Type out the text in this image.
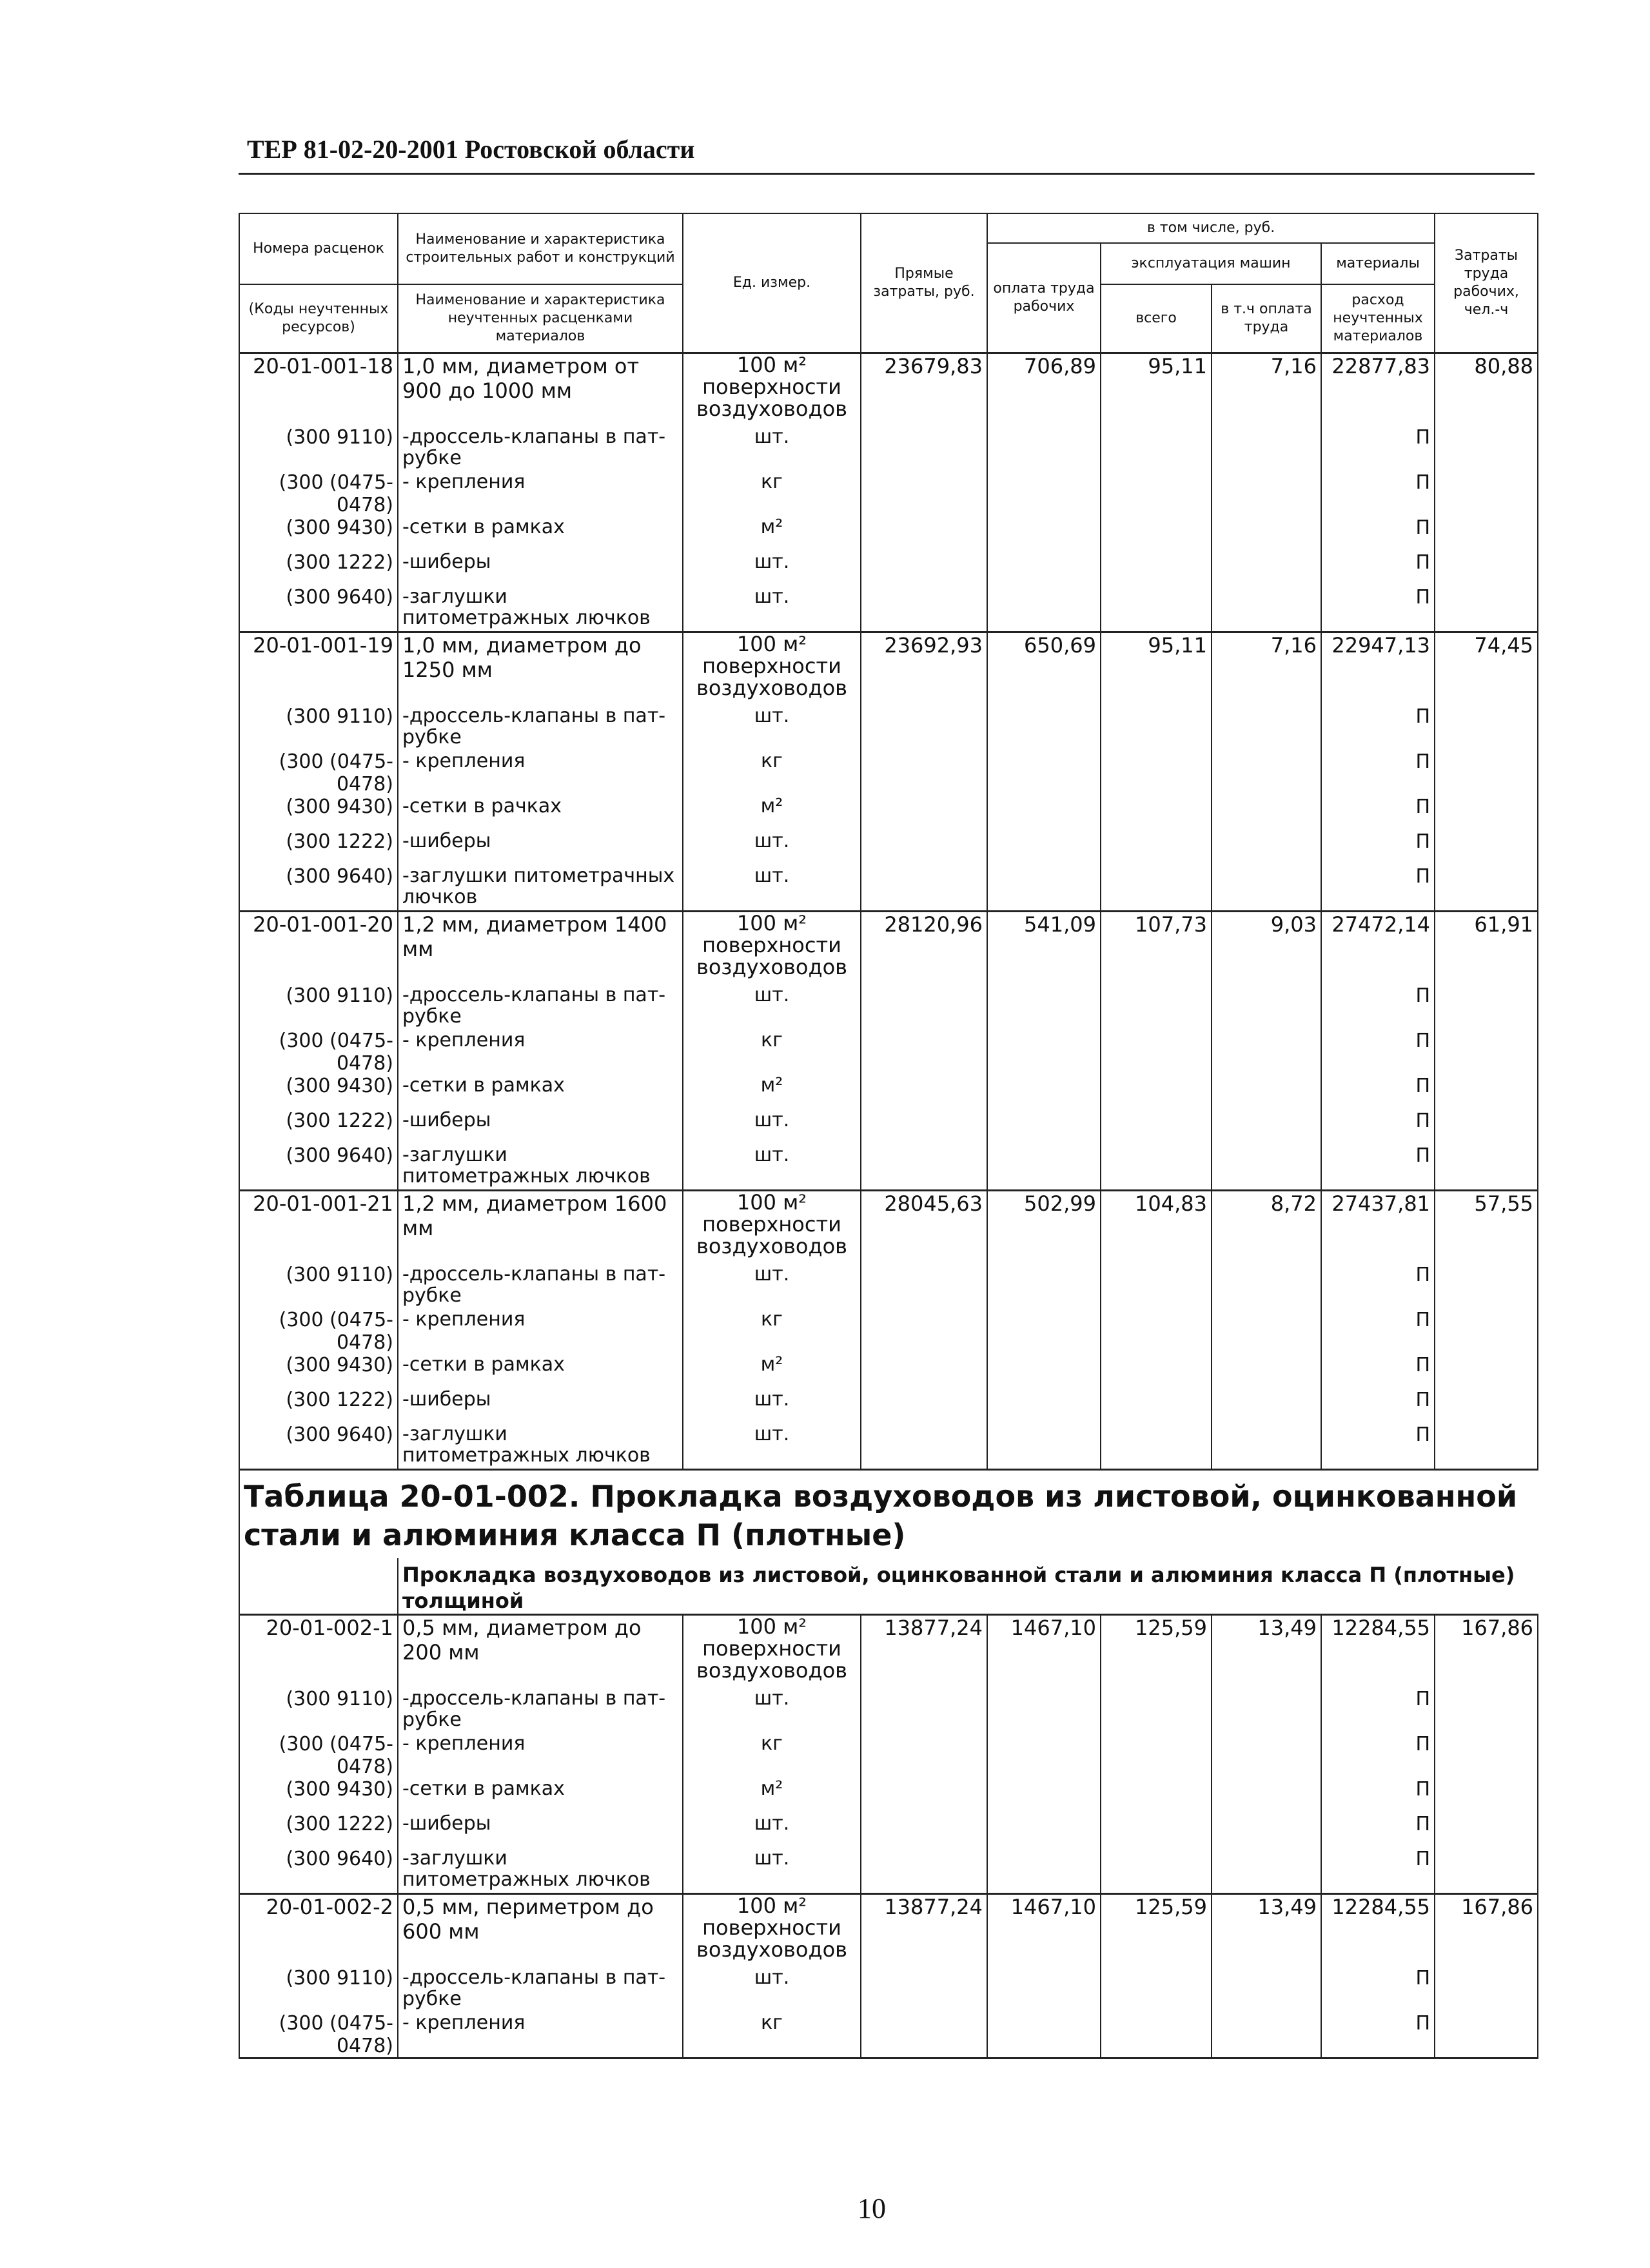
ТЕР 81-02-20-2001 Ростовской области
Номера расценок	Наименование и характеристика строительных работ и конструкций	Ед. измер.	Прямые затраты, руб.	в том числе, руб.				Затраты труда рабочих, чел.-ч
				оплата труда рабочих	эксплуатация машин		материалы	
(Коды неучтенных ресурсов)	Наименование и характеристика неучтенных расценками материалов				всего	в т.ч оплата труда	расход неучтенных материалов	

20-01-001-18	1,0 мм, диаметром от 900 до 1000 мм	100 м² поверхности воздуховодов	23679,83	706,89	95,11	7,16	22877,83	80,88
(300 9110)	-дроссель-клапаны в пат-рубке	шт.					П	
(300 (0475-0478)	- крепления	кг					П	
(300 9430)	-сетки в рамках	м²					П	
(300 1222)	-шиберы	шт.					П	
(300 9640)	-заглушки питометражных лючков	шт.					П	
20-01-001-19	1,0 мм, диаметром до 1250 мм	100 м² поверхности воздуховодов	23692,93	650,69	95,11	7,16	22947,13	74,45
(300 9110)	-дроссель-клапаны в пат-рубке	шт.					П	
(300 (0475-0478)	- крепления	кг					П	
(300 9430)	-сетки в рачках	м²					П	
(300 1222)	-шиберы	шт.					П	
(300 9640)	-заглушки питометрачных лючков	шт.					П	
20-01-001-20	1,2 мм, диаметром 1400 мм	100 м² поверхности воздуховодов	28120,96	541,09	107,73	9,03	27472,14	61,91
(300 9110)	-дроссель-клапаны в пат-рубке	шт.					П	
(300 (0475-0478)	- крепления	кг					П	
(300 9430)	-сетки в рамках	м²					П	
(300 1222)	-шиберы	шт.					П	
(300 9640)	-заглушки питометражных лючков	шт.					П	
20-01-001-21	1,2 мм, диаметром 1600 мм	100 м² поверхности воздуховодов	28045,63	502,99	104,83	8,72	27437,81	57,55
(300 9110)	-дроссель-клапаны в пат-рубке	шт.					П	
(300 (0475-0478)	- крепления	кг					П	
(300 9430)	-сетки в рамках	м²					П	
(300 1222)	-шиберы	шт.					П	
(300 9640)	-заглушки питометражных лючков	шт.					П	
Таблица 20-01-002. Прокладка воздуховодов из листовой, оцинкованной стали и алюминия класса П (плотные)								
	Прокладка воздуховодов из листовой, оцинкованной стали и алюминия класса П (плотные) толщиной							
20-01-002-1	0,5 мм, диаметром до 200 мм	100 м² поверхности воздуховодов	13877,24	1467,10	125,59	13,49	12284,55	167,86
(300 9110)	-дроссель-клапаны в пат-рубке	шт.					П	
(300 (0475-0478)	- крепления	кг					П	
(300 9430)	-сетки в рамках	м²					П	
(300 1222)	-шиберы	шт.					П	
(300 9640)	-заглушки питометражных лючков	шт.					П	
20-01-002-2	0,5 мм, периметром до 600 мм	100 м² поверхности воздуховодов	13877,24	1467,10	125,59	13,49	12284,55	167,86
(300 9110)	-дроссель-клапаны в пат-рубке	шт.					П	
(300 (0475-0478)	- крепления	кг					П	
10
